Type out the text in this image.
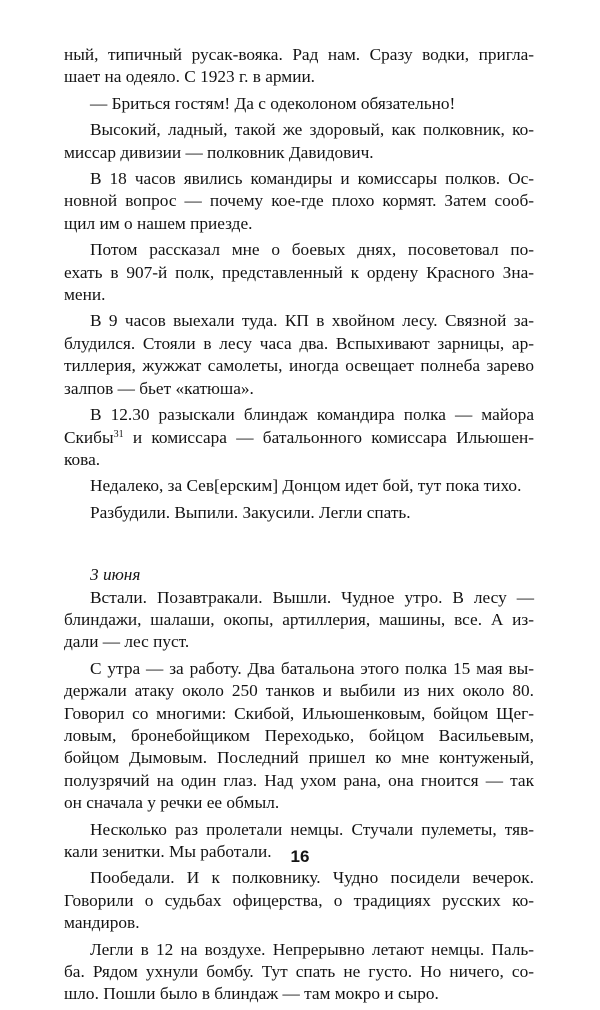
ный, типичный русак-вояка. Рад нам. Сразу водки, пригла-
шает на одеяло. С 1923 г. в армии.

— Бриться гостям! Да с одеколоном обязательно!

Высокий, ладный, такой же здоровый, как полковник, ко-
миссар дивизии — полковник Давидович.

В 18 часов явились командиры и комиссары полков. Ос-
новной вопрос — почему кое-где плохо кормят. Затем сооб-
щил им о нашем приезде.

Потом рассказал мне о боевых днях, посоветовал по-
ехать в 907-й полк, представленный к ордену Красного Зна-
мени.

В 9 часов выехали туда. КП в хвойном лесу. Связной за-
блудился. Стояли в лесу часа два. Вспыхивают зарницы, ар-
тиллерия, жужжат самолеты, иногда освещает полнеба зарево
залпов — бьет «катюша».

В 12.30 разыскали блиндаж командира полка — майора
Скибы$^{31}$ и комиссара — батальонного комиссара Ильюшен-
кова.

Недалеко, за Сев[ерским] Донцом идет бой, тут пока тихо.

Разбудили. Выпили. Закусили. Легли спать.

3 июня

Встали. Позавтракали. Вышли. Чудное утро. В лесу —
блиндажи, шалаши, окопы, артиллерия, машины, все. А из-
дали — лес пуст.

С утра — за работу. Два батальона этого полка 15 мая вы-
держали атаку около 250 танков и выбили из них около 80.
Говорил со многими: Скибой, Ильюшенковым, бойцом Щег-
ловым, бронебойщиком Переходько, бойцом Васильевым,
бойцом Дымовым. Последний пришел ко мне контуженый,
полузрячий на один глаз. Над ухом рана, она гноится — так
он сначала у речки ее обмыл.

Несколько раз пролетали немцы. Стучали пулеметы, тяв-
кали зенитки. Мы работали.

Пообедали. И к полковнику. Чудно посидели вечерок.
Говорили о судьбах офицерства, о традициях русских ко-
мандиров.

Легли в 12 на воздухе. Непрерывно летают немцы. Паль-
ба. Рядом ухнули бомбу. Тут спать не густо. Но ничего, со-
шло. Пошли было в блиндаж — там мокро и сыро.

16
